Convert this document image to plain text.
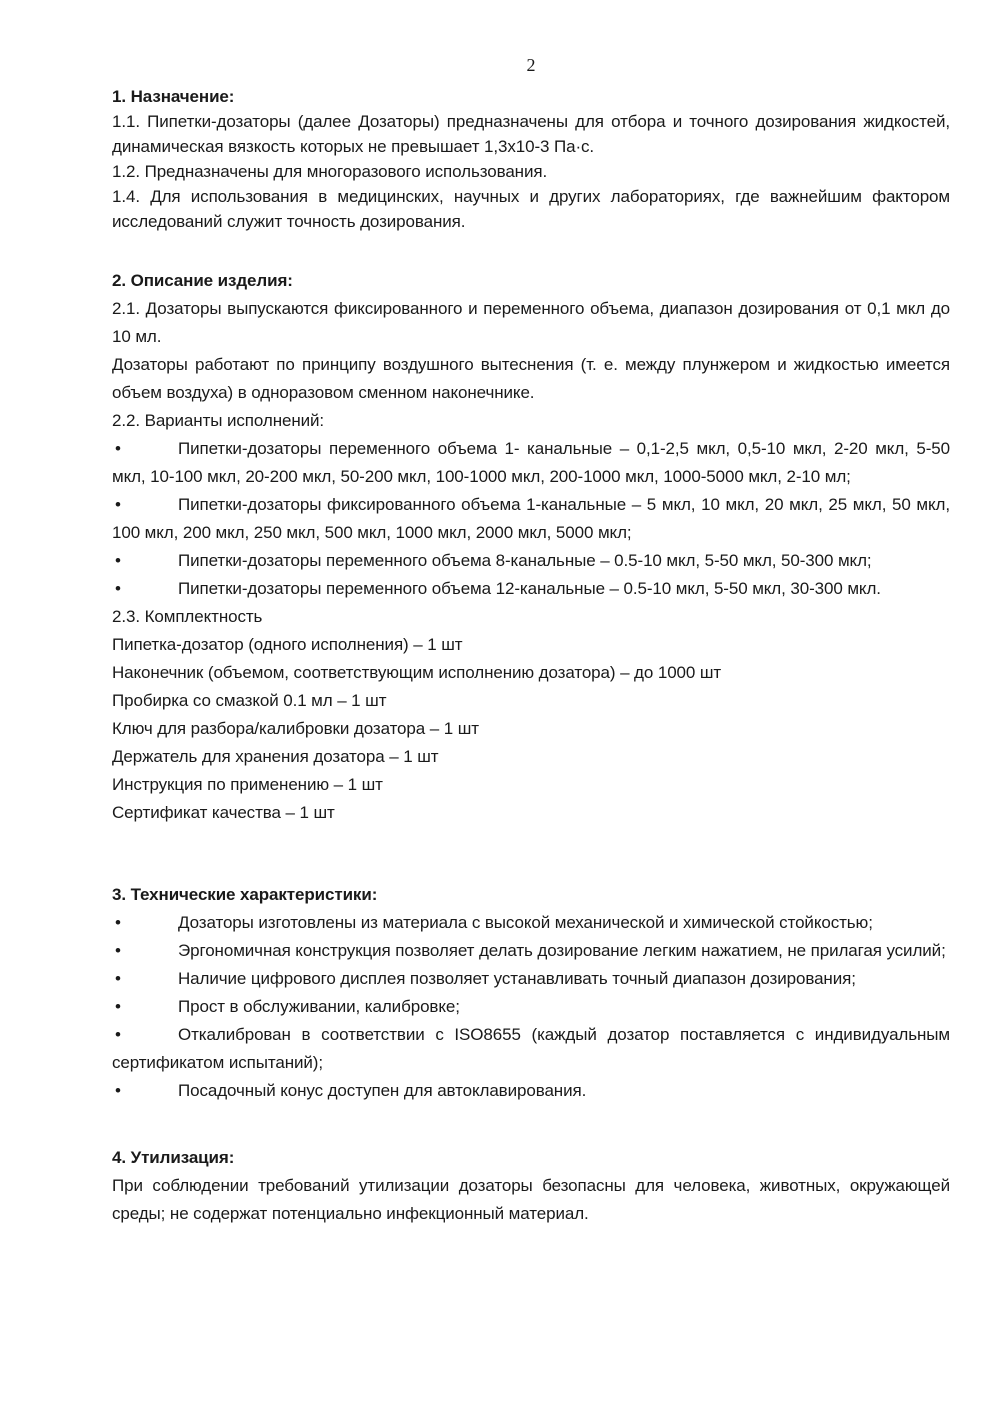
2
1. Назначение:

1.1. Пипетки-дозаторы (далее Дозаторы) предназначены для отбора и точного дозирования жидкостей, динамическая вязкость которых не превышает 1,3х10-3 Па·с.

1.2. Предназначены для многоразового использования.

1.4. Для использования в медицинских, научных и других лабораториях, где важнейшим фактором исследований служит точность дозирования.

2. Описание изделия:

2.1. Дозаторы выпускаются фиксированного и переменного объема, диапазон дозирования от 0,1 мкл до 10 мл.

Дозаторы работают по принципу воздушного вытеснения (т. е. между плунжером и жидкостью имеется объем воздуха) в одноразовом сменном наконечнике.

2.2. Варианты исполнений:

•	Пипетки-дозаторы переменного объема 1- канальные – 0,1-2,5 мкл, 0,5-10 мкл, 2-20 мкл, 5-50 мкл, 10-100 мкл, 20-200 мкл, 50-200 мкл, 100-1000 мкл, 200-1000 мкл, 1000-5000 мкл, 2-10 мл;

•	Пипетки-дозаторы фиксированного объема 1-канальные – 5 мкл, 10 мкл, 20 мкл, 25 мкл, 50 мкл, 100 мкл, 200 мкл, 250 мкл, 500 мкл, 1000 мкл, 2000 мкл, 5000 мкл;

•	Пипетки-дозаторы переменного объема 8-канальные – 0.5-10 мкл, 5-50 мкл, 50-300 мкл;

•	Пипетки-дозаторы переменного объема 12-канальные – 0.5-10 мкл, 5-50 мкл, 30-300 мкл.

2.3. Комплектность

Пипетка-дозатор (одного исполнения) – 1 шт

Наконечник (объемом, соответствующим исполнению дозатора) – до 1000 шт

Пробирка со смазкой 0.1 мл – 1 шт

Ключ для разбора/калибровки дозатора – 1 шт

Держатель для хранения дозатора – 1 шт

Инструкция по применению – 1 шт

Сертификат качества – 1 шт

3. Технические характеристики:

•	Дозаторы изготовлены из материала с высокой механической и химической стойкостью;

•	Эргономичная конструкция позволяет делать дозирование легким нажатием, не прилагая усилий;

•	Наличие цифрового дисплея позволяет устанавливать точный диапазон дозирования;

•	Прост в обслуживании, калибровке;

•	Откалиброван в соответствии с ISO8655 (каждый дозатор поставляется с индивидуальным сертификатом испытаний);

•	Посадочный конус доступен для автоклавирования.

4. Утилизация:

При соблюдении требований утилизации дозаторы безопасны для человека, животных, окружающей среды; не содержат потенциально инфекционный материал.
